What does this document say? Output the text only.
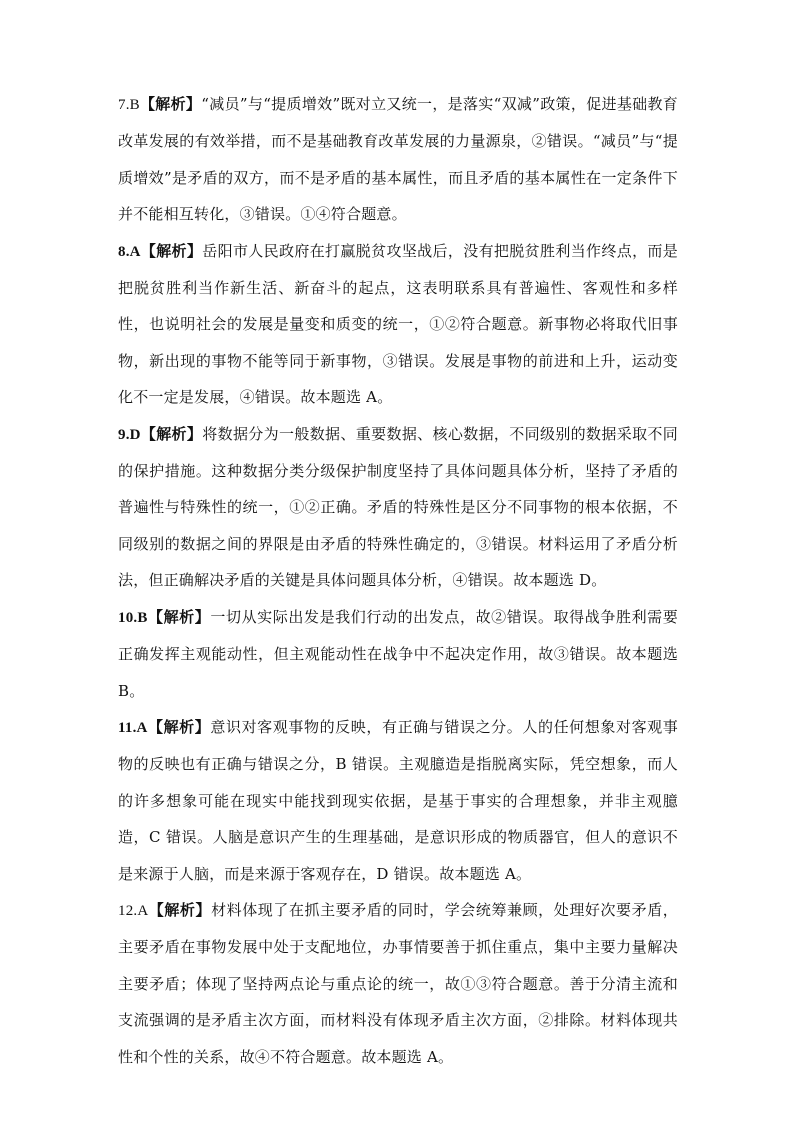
7.B【解析】“减员”与“提质增效”既对立又统一，是落实“双减”政策，促进基础教育改革发展的有效举措，而不是基础教育改革发展的力量源泉，②错误。“减员”与“提质增效”是矛盾的双方，而不是矛盾的基本属性，而且矛盾的基本属性在一定条件下并不能相互转化，③错误。①④符合题意。

8.A【解析】岳阳市人民政府在打赢脱贫攻坚战后，没有把脱贫胜利当作终点，而是把脱贫胜利当作新生活、新奋斗的起点，这表明联系具有普遍性、客观性和多样性，也说明社会的发展是量变和质变的统一，①②符合题意。新事物必将取代旧事物，新出现的事物不能等同于新事物，③错误。发展是事物的前进和上升，运动变化不一定是发展，④错误。故本题选 A。

9.D【解析】将数据分为一般数据、重要数据、核心数据，不同级别的数据采取不同的保护措施。这种数据分类分级保护制度坚持了具体问题具体分析，坚持了矛盾的普遍性与特殊性的统一，①②正确。矛盾的特殊性是区分不同事物的根本依据，不同级别的数据之间的界限是由矛盾的特殊性确定的，③错误。材料运用了矛盾分析法，但正确解决矛盾的关键是具体问题具体分析，④错误。故本题选 D。

10.B【解析】一切从实际出发是我们行动的出发点，故②错误。取得战争胜利需要正确发挥主观能动性，但主观能动性在战争中不起决定作用，故③错误。故本题选 B。

11.A【解析】意识对客观事物的反映，有正确与错误之分。人的任何想象对客观事物的反映也有正确与错误之分，B 错误。主观臆造是指脱离实际，凭空想象，而人的许多想象可能在现实中能找到现实依据，是基于事实的合理想象，并非主观臆造，C 错误。人脑是意识产生的生理基础，是意识形成的物质器官，但人的意识不是来源于人脑，而是来源于客观存在，D 错误。故本题选 A。

12.A【解析】材料体现了在抓主要矛盾的同时，学会统筹兼顾，处理好次要矛盾，主要矛盾在事物发展中处于支配地位，办事情要善于抓住重点，集中主要力量解决主要矛盾；体现了坚持两点论与重点论的统一，故①③符合题意。善于分清主流和支流强调的是矛盾主次方面，而材料没有体现矛盾主次方面，②排除。材料体现共性和个性的关系，故④不符合题意。故本题选 A。
